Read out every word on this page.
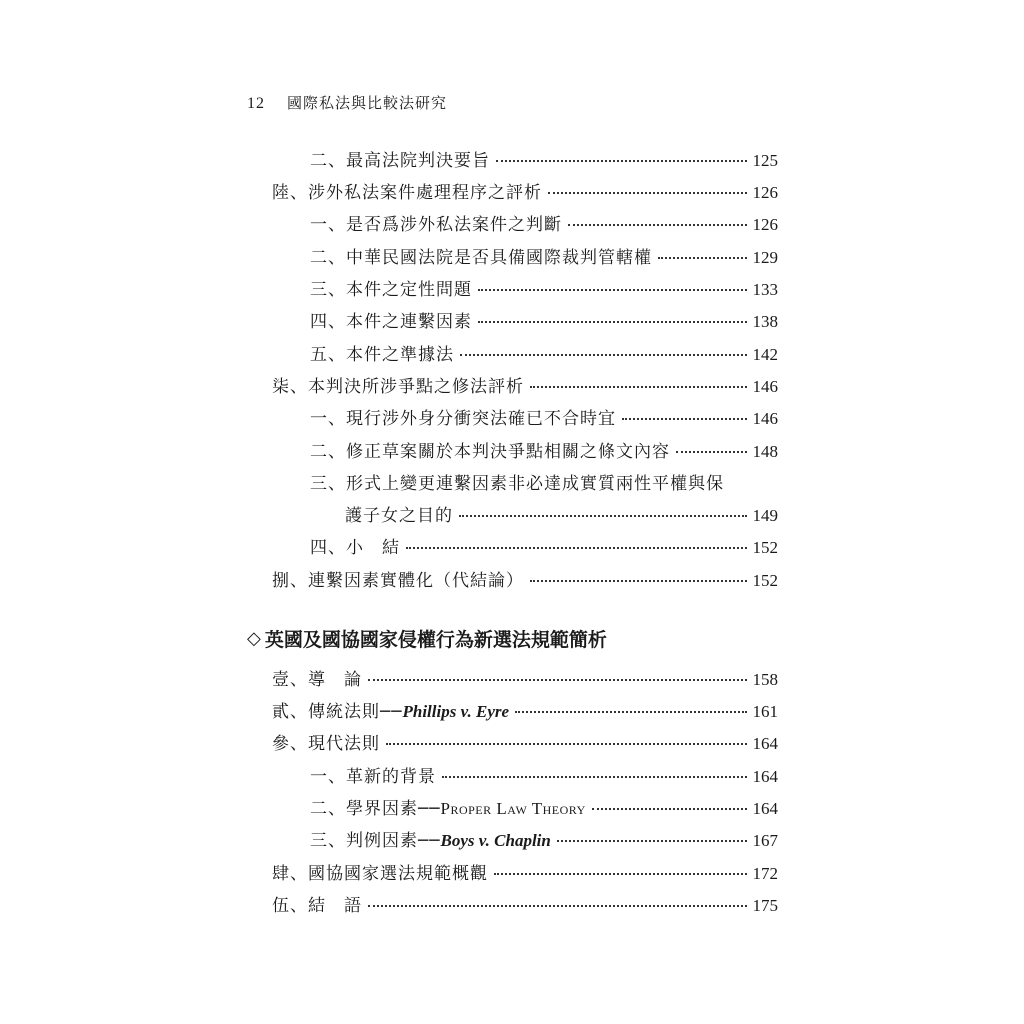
12 國際私法與比較法研究
二、最高法院判決要旨	125
陸、涉外私法案件處理程序之評析	126
一、是否爲涉外私法案件之判斷	126
二、中華民國法院是否具備國際裁判管轄權	129
三、本件之定性問題	133
四、本件之連繫因素	138
五、本件之準據法	142
柒、本判決所涉爭點之修法評析	146
一、現行涉外身分衝突法確已不合時宜	146
二、修正草案關於本判決爭點相關之條文內容	148
三、形式上變更連繫因素非必達成實質兩性平權與保
護子女之目的	149
四、小　結	152
捌、連繫因素實體化（代結論）	152
◇ 英國及國協國家侵權行為新選法規範簡析
壹、導　論	158
貳、傳統法則── Phillips v. Eyre	161
參、現代法則	164
一、革新的背景	164
二、學界因素── Proper Law Theory	164
三、判例因素── Boys v. Chaplin	167
肆、國協國家選法規範概觀	172
伍、結　語	175
